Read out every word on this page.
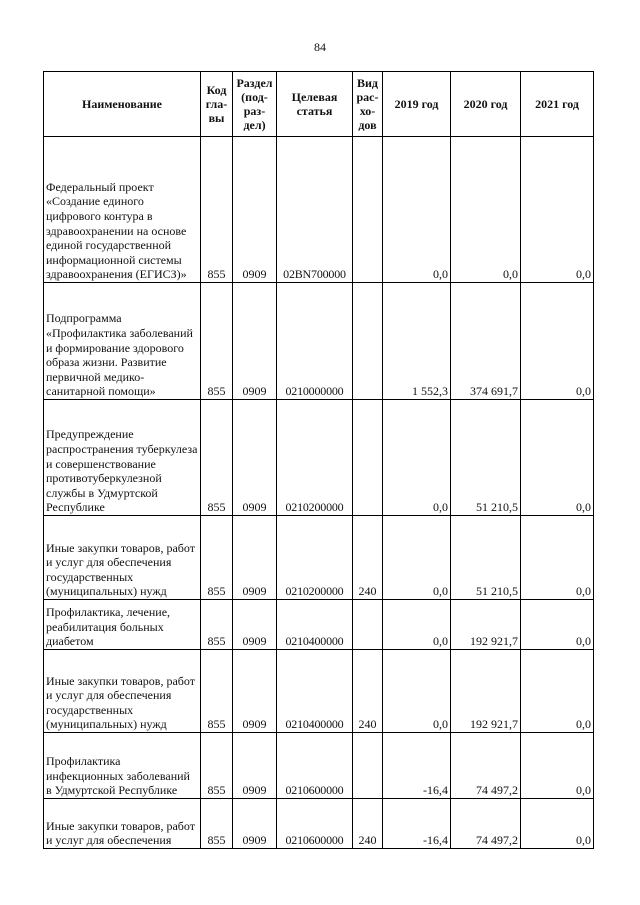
84
Наименование	Код гла- вы	Раздел (под- раз- дел)	Целевая статья	Вид рас- хо- дов	2019 год	2020 год	2021 год
Федеральный проект «Создание единого цифрового контура в здравоохранении на основе единой государственной информационной системы здравоохранения (ЕГИСЗ)»	855	0909	02BN700000		0,0	0,0	0,0
Подпрограмма «Профилактика заболеваний и формирование здорового образа жизни. Развитие первичной медико-санитарной помощи»	855	0909	0210000000		1 552,3	374 691,7	0,0
Предупреждение распространения туберкулеза и совершенствование противотуберкулезной службы в Удмуртской Республике	855	0909	0210200000		0,0	51 210,5	0,0
Иные закупки товаров, работ и услуг для обеспечения государственных (муниципальных) нужд	855	0909	0210200000	240	0,0	51 210,5	0,0
Профилактика, лечение, реабилитация больных диабетом	855	0909	0210400000		0,0	192 921,7	0,0
Иные закупки товаров, работ и услуг для обеспечения государственных (муниципальных) нужд	855	0909	0210400000	240	0,0	192 921,7	0,0
Профилактика инфекционных заболеваний в Удмуртской Республике	855	0909	0210600000		-16,4	74 497,2	0,0
Иные закупки товаров, работ и услуг для обеспечения	855	0909	0210600000	240	-16,4	74 497,2	0,0
